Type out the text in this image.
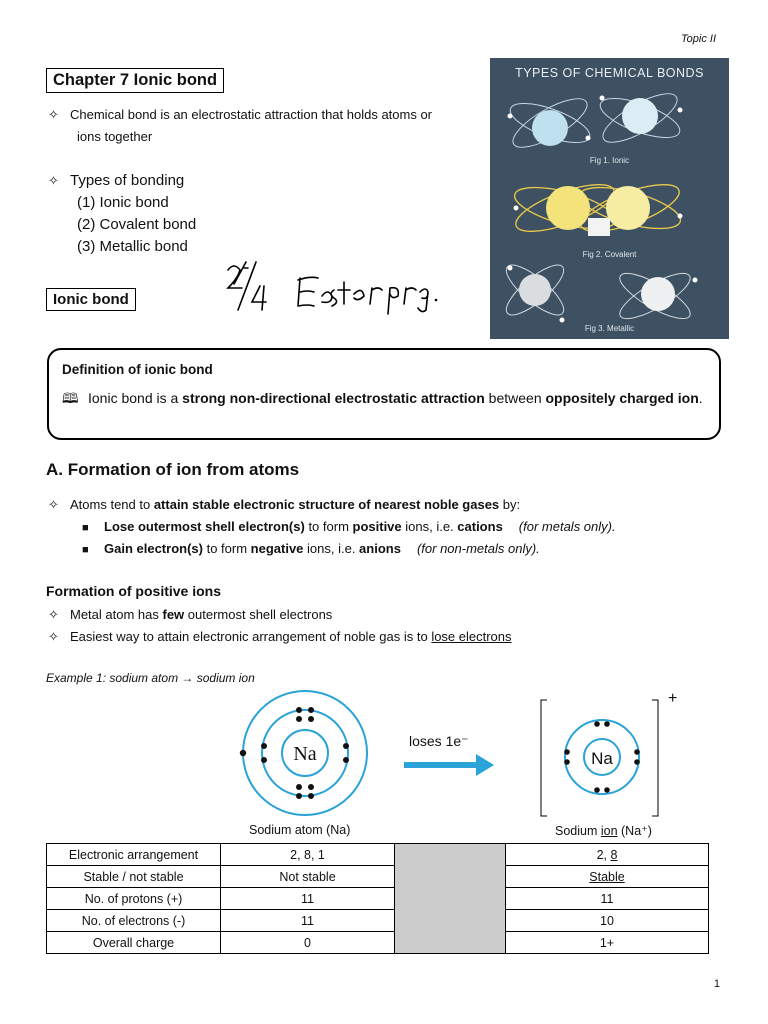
Topic II
Chapter 7 Ionic bond
✧ Chemical bond is an electrostatic attraction that holds atoms or
ions together
✧ Types of bonding
(1) Ionic bond
(2) Covalent bond
(3) Metallic bond
Ionic bond
TYPES OF CHEMICAL BONDS
Fig 1. Ionic
Fig 2. Covalent
Fig 3. Metallic
Definition of ionic bond
🕮 Ionic bond is a strong non-directional electrostatic attraction between oppositely charged ion.
A. Formation of ion from atoms
✧ Atoms tend to attain stable electronic structure of nearest noble gases by:
■ Lose outermost shell electron(s) to form positive ions, i.e. cations (for metals only).
■ Gain electron(s) to form negative ions, i.e. anions (for non-metals only).
Formation of positive ions
✧ Metal atom has few outermost shell electrons
✧ Easiest way to attain electronic arrangement of noble gas is to lose electrons
Example 1: sodium atom → sodium ion
Na	Na
loses 1e⁻
+
Sodium atom (Na)	Sodium ion (Na⁺)
Electronic arrangement	2, 8, 1		2, 8
Stable / not stable	Not stable		Stable
No. of protons (+)	11		11
No. of electrons (-)	11		10
Overall charge	0		1+
1
